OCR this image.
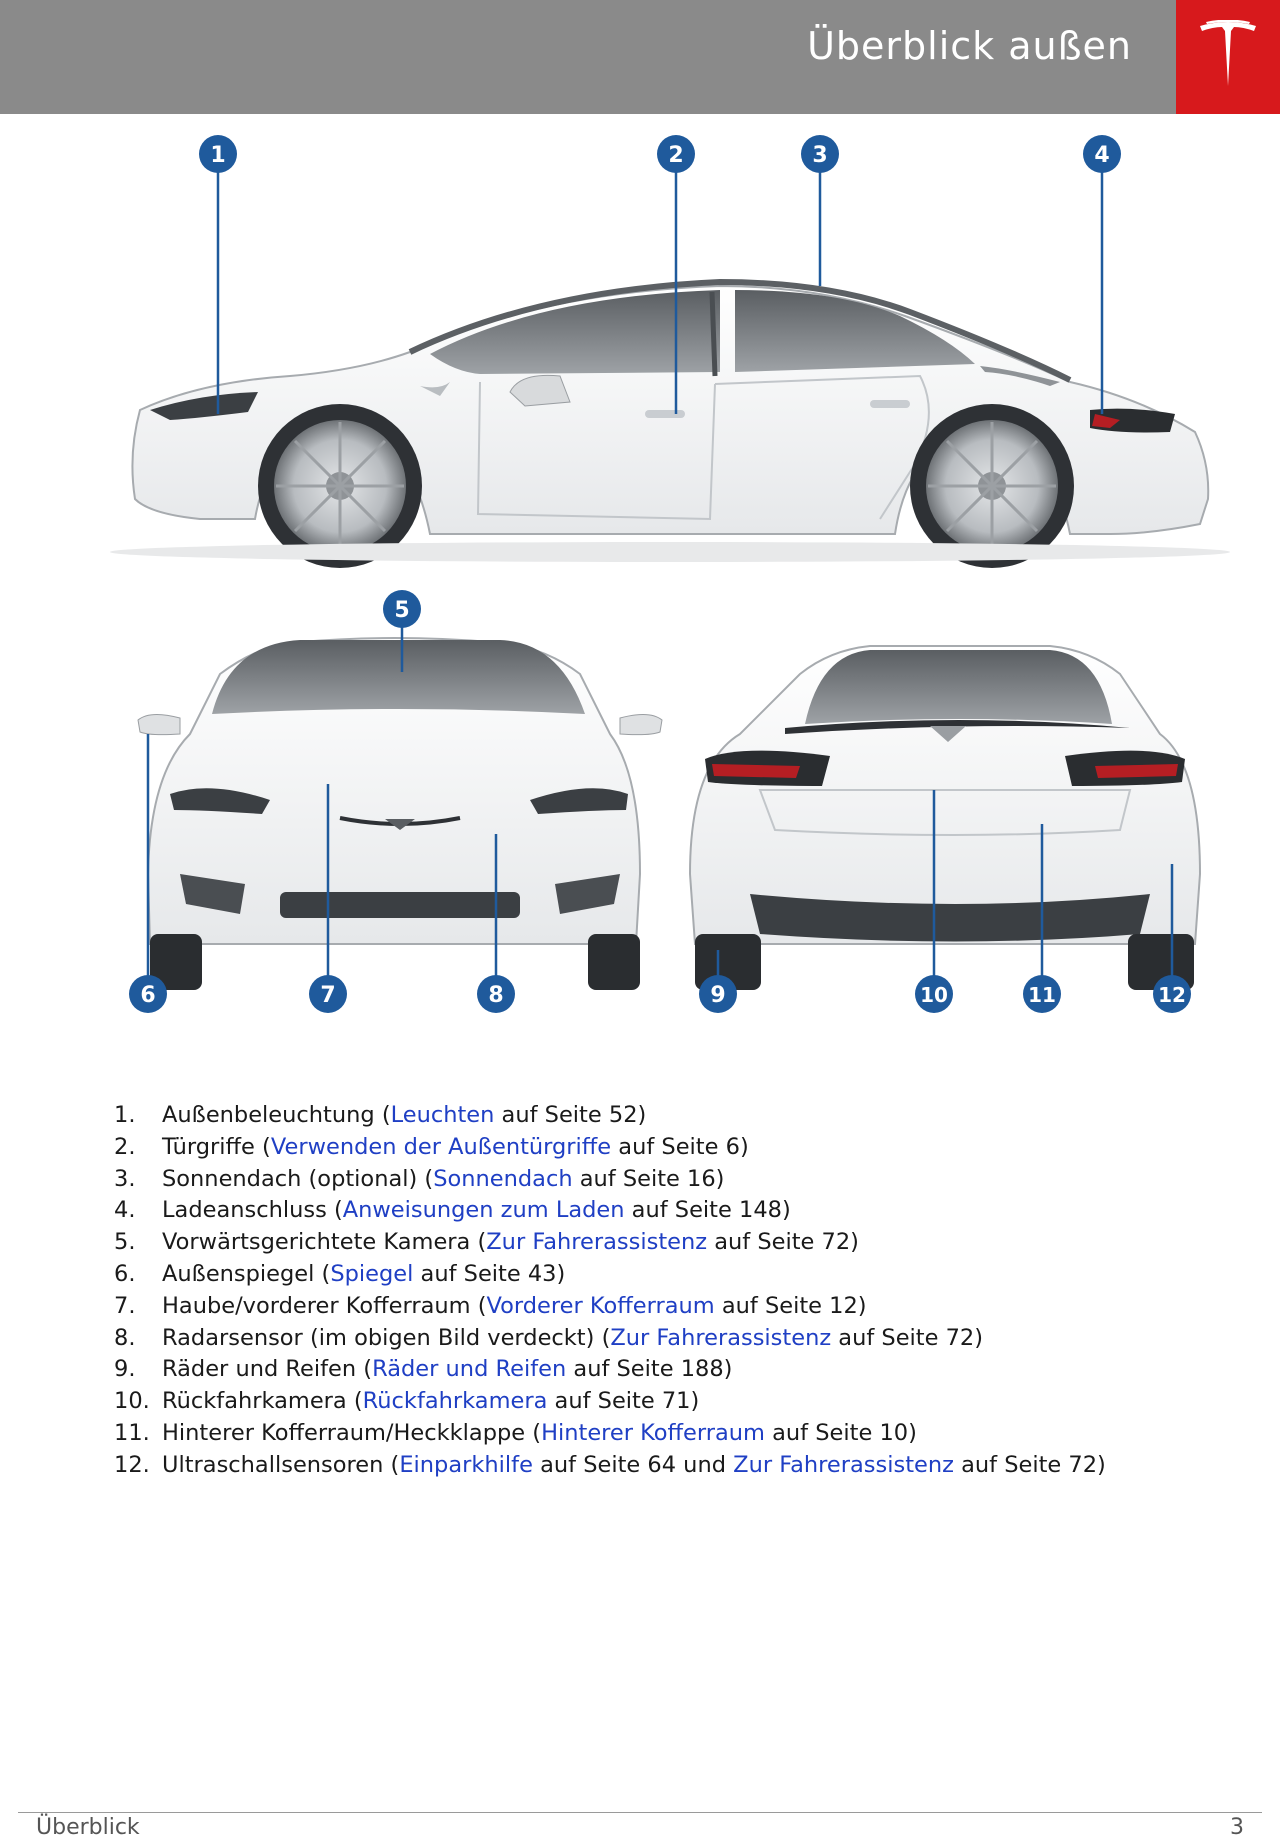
Überblick außen
1	2	3	4
5
6	7	8	9	10	11	12
1.	Außenbeleuchtung (Leuchten auf Seite 52)
2.	Türgriffe (Verwenden der Außentürgriffe auf Seite 6)
3.	Sonnendach (optional) (Sonnendach auf Seite 16)
4.	Ladeanschluss (Anweisungen zum Laden auf Seite 148)
5.	Vorwärtsgerichtete Kamera (Zur Fahrerassistenz auf Seite 72)
6.	Außenspiegel (Spiegel auf Seite 43)
7.	Haube/vorderer Kofferraum (Vorderer Kofferraum auf Seite 12)
8.	Radarsensor (im obigen Bild verdeckt) (Zur Fahrerassistenz auf Seite 72)
9.	Räder und Reifen (Räder und Reifen auf Seite 188)
10. Rückfahrkamera (Rückfahrkamera auf Seite 71)
11. Hinterer Kofferraum/Heckklappe (Hinterer Kofferraum auf Seite 10)
12. Ultraschallsensoren (Einparkhilfe auf Seite 64 und Zur Fahrerassistenz auf Seite 72)
Überblick	3
